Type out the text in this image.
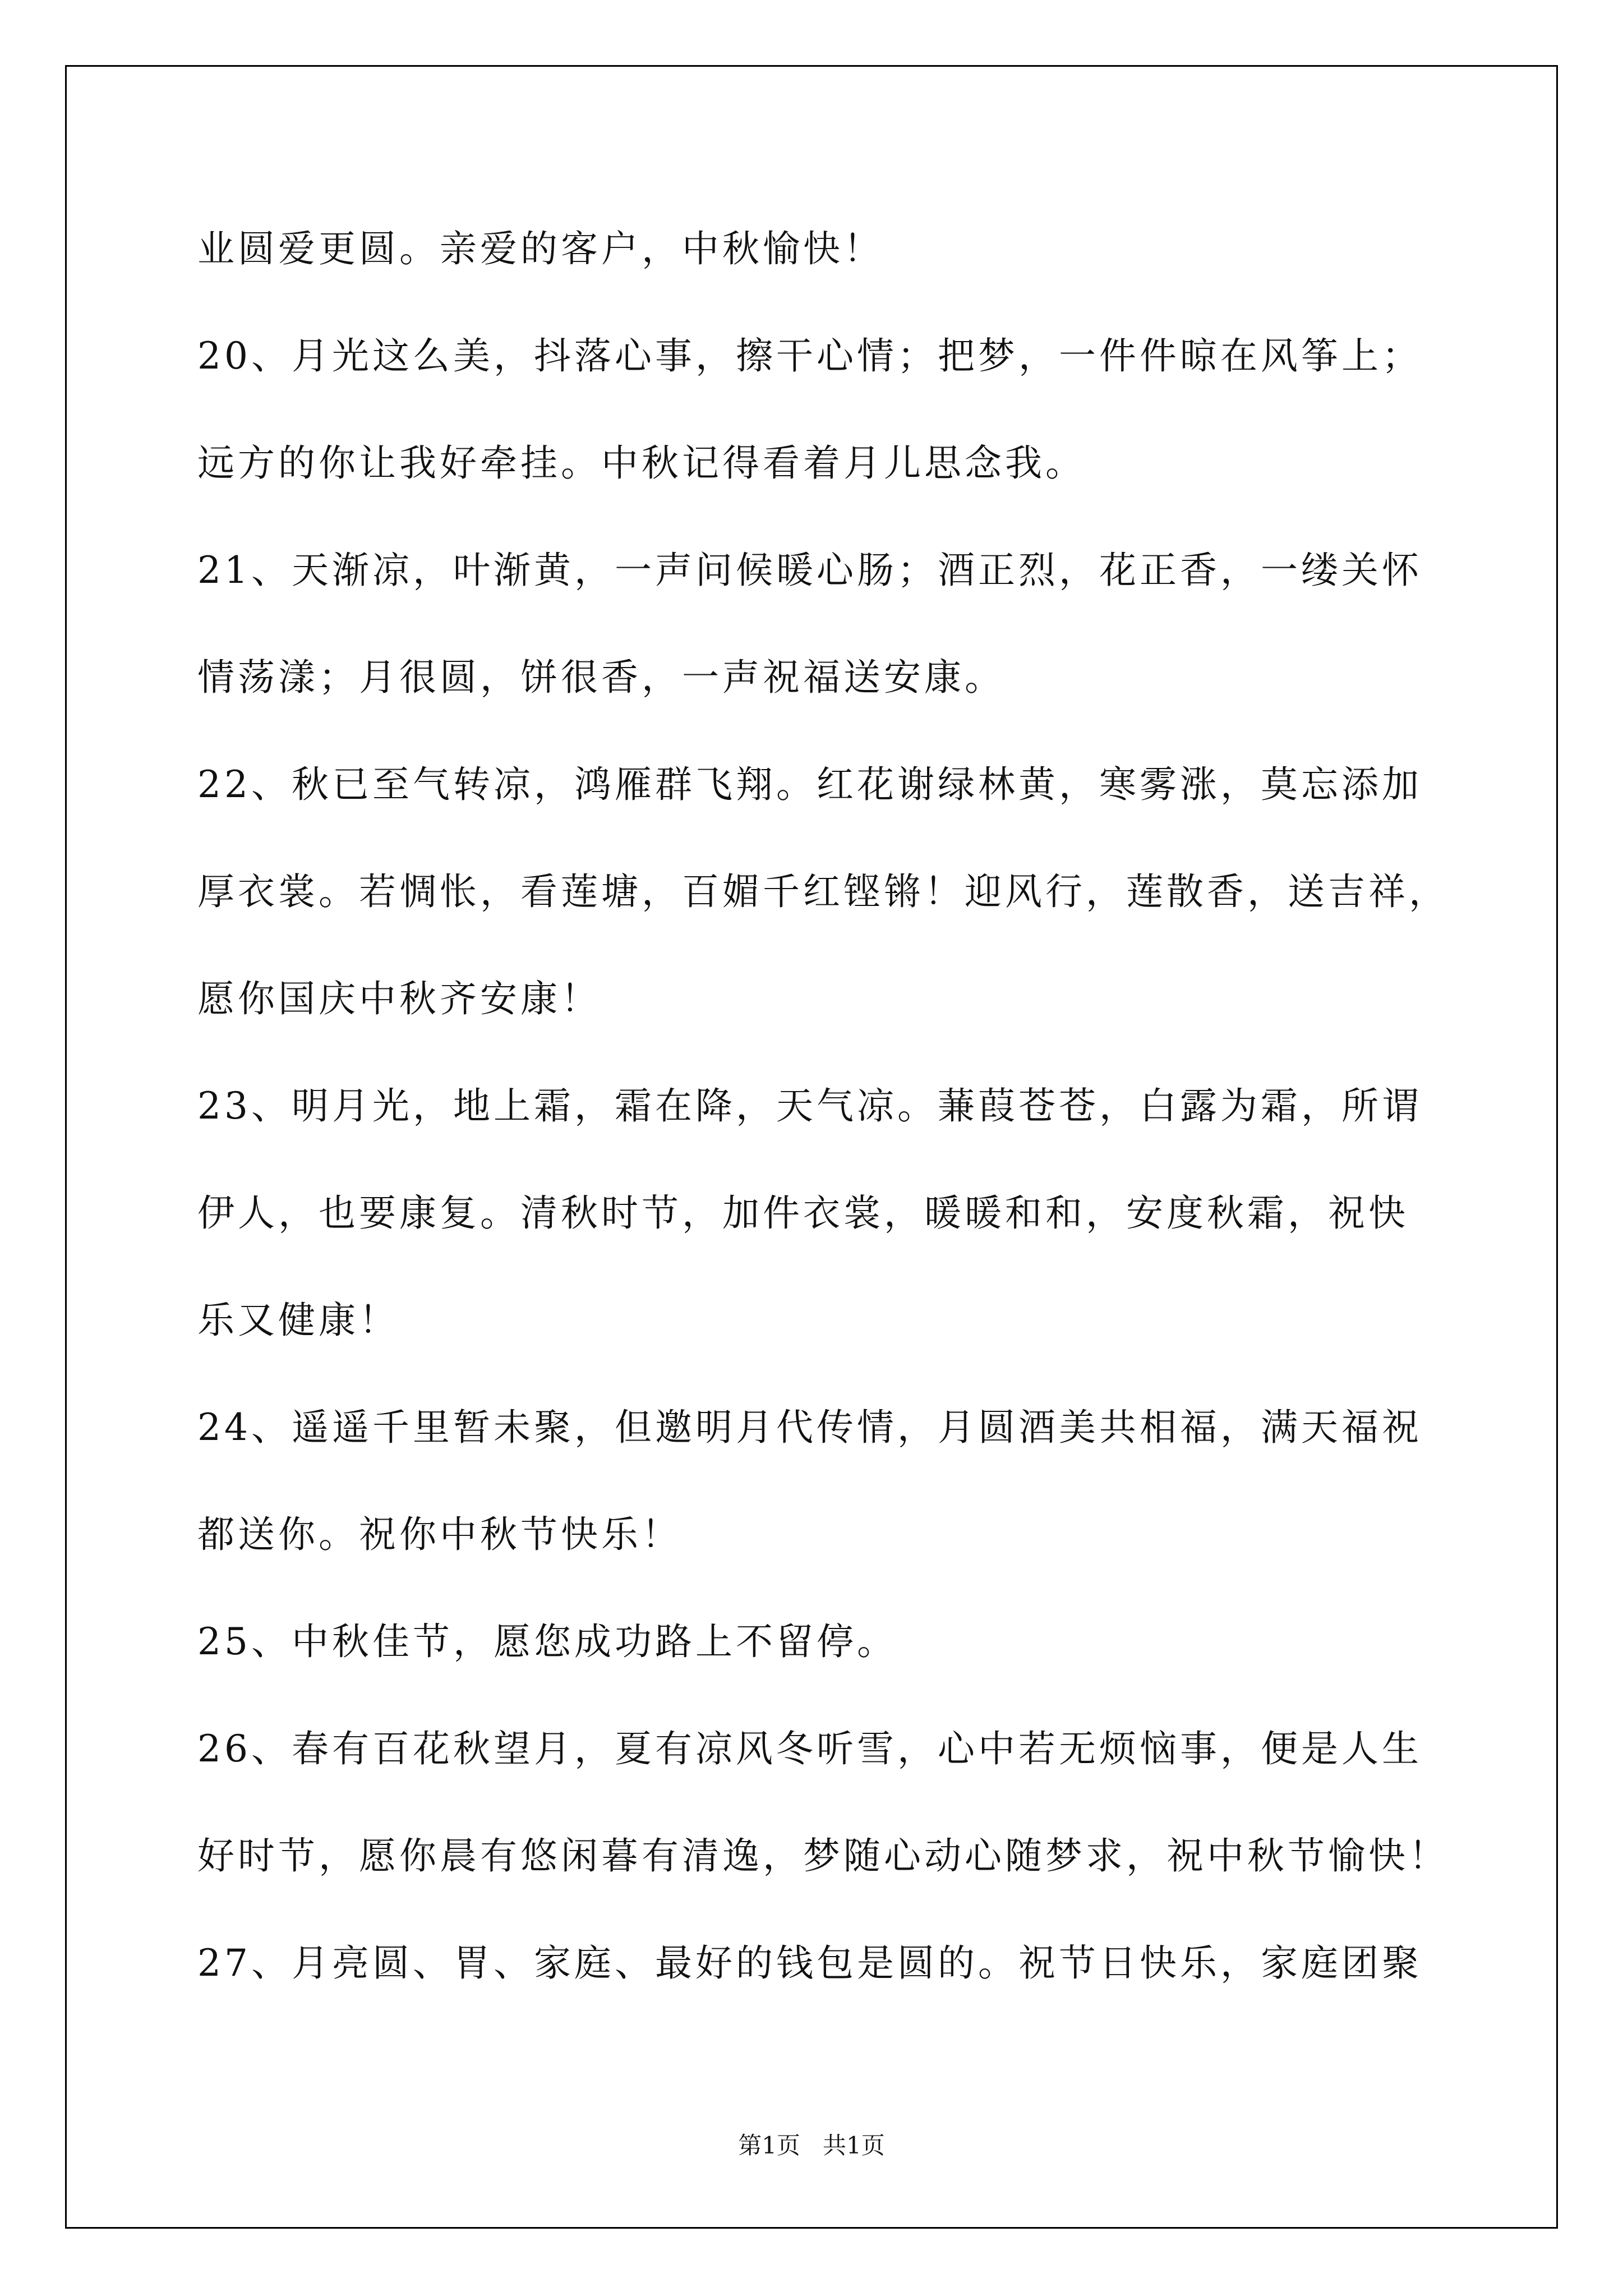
业圆爱更圆。亲爱的客户，中秋愉快！
20、月光这么美，抖落心事，擦干心情；把梦，一件件晾在风筝上；
远方的你让我好牵挂。中秋记得看着月儿思念我。
21、天渐凉，叶渐黄，一声问候暖心肠；酒正烈，花正香，一缕关怀
情荡漾；月很圆，饼很香，一声祝福送安康。
22、秋已至气转凉，鸿雁群飞翔。红花谢绿林黄，寒雾涨，莫忘添加
厚衣裳。若惆怅，看莲塘，百媚千红铿锵！迎风行，莲散香，送吉祥，
愿你国庆中秋齐安康！
23、明月光，地上霜，霜在降，天气凉。蒹葭苍苍，白露为霜，所谓
伊人，也要康复。清秋时节，加件衣裳，暖暖和和，安度秋霜，祝快
乐又健康！
24、遥遥千里暂未聚，但邀明月代传情，月圆酒美共相福，满天福祝
都送你。祝你中秋节快乐！
25、中秋佳节，愿您成功路上不留停。
26、春有百花秋望月，夏有凉风冬听雪，心中若无烦恼事，便是人生
好时节，愿你晨有悠闲暮有清逸，梦随心动心随梦求，祝中秋节愉快！
27、月亮圆、胃、家庭、最好的钱包是圆的。祝节日快乐，家庭团聚
第1页   共1页
